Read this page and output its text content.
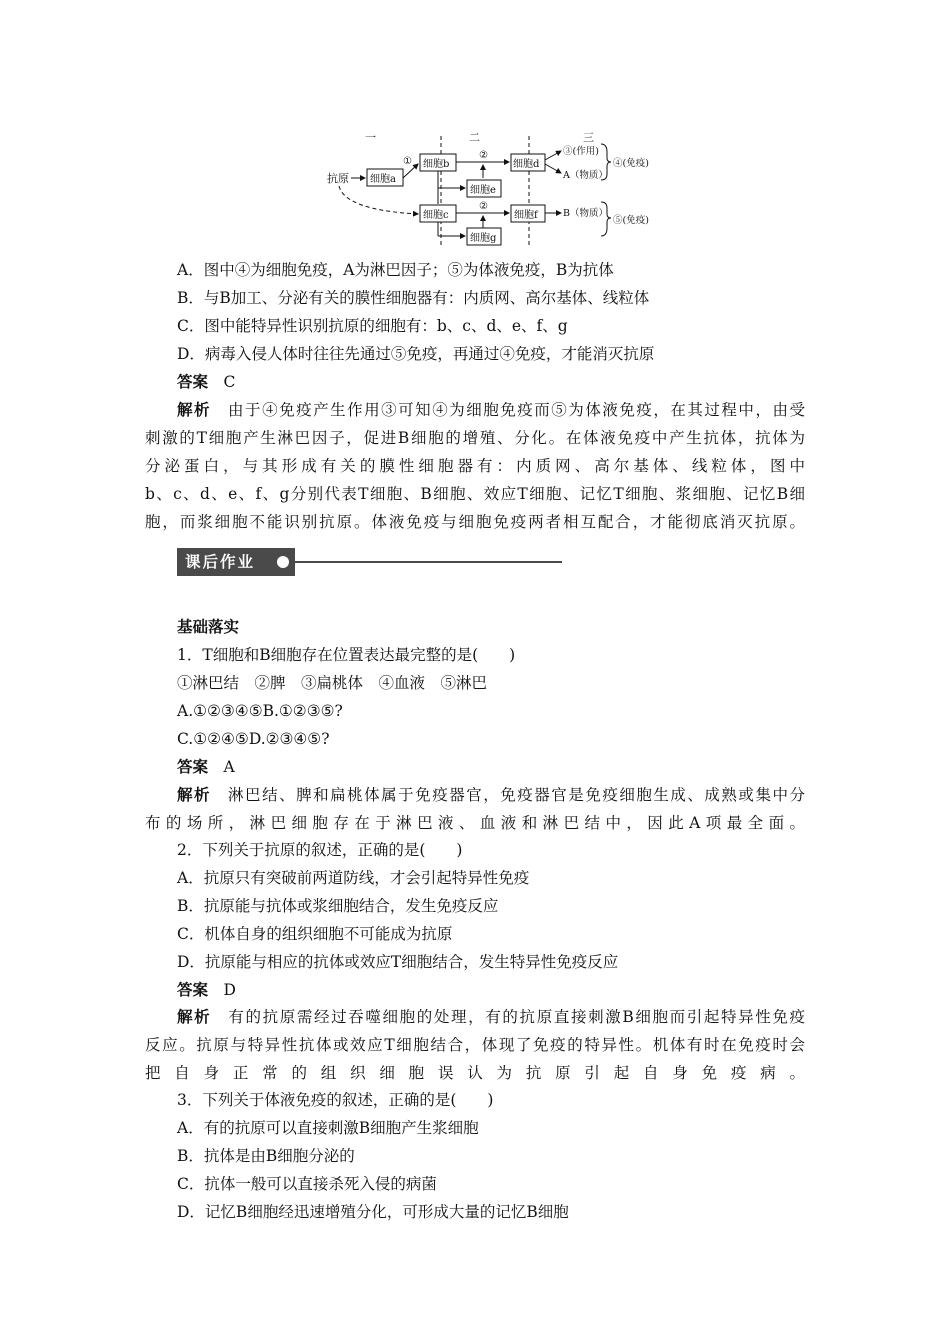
一	二	三
抗原 细胞a
① 细胞b
②
细胞e
细胞d
③(作用)
A（物质）
④(免疫)
细胞c
②
细胞g
细胞f	B（物质）
⑤(免疫)
A．图中④为细胞免疫，A为淋巴因子；⑤为体液免疫，B为抗体
B．与B加工、分泌有关的膜性细胞器有：内质网、高尔基体、线粒体
C．图中能特异性识别抗原的细胞有：b、c、d、e、f、g
D．病毒入侵人体时往往先通过⑤免疫，再通过④免疫，才能消灭抗原
答案　 C
解析　 由于④免疫产生作用③可知④为细胞免疫而⑤为体液免疫，在其过程中，由受
刺激的T细胞产生淋巴因子，促进B细胞的增殖、分化。在体液免疫中产生抗体，抗体为
分泌蛋白，与其形成有关的膜性细胞器有：内质网、高尔基体、线粒体，图中
b、c、d、e、f、g分别代表T细胞、B细胞、效应T细胞、记忆T细胞、浆细胞、记忆B细
胞，而浆细胞不能识别抗原。体液免疫与细胞免疫两者相互配合，才能彻底消灭抗原。
课后作业
基础落实
1．T细胞和B细胞存在位置表达最完整的是(　　)
①淋巴结　②脾　③扁桃体　④血液　⑤淋巴
A.①②③④⑤B.①②③⑤?
C.①②④⑤D.②③④⑤?
答案　 A
解析　 淋巴结、脾和扁桃体属于免疫器官，免疫器官是免疫细胞生成、成熟或集中分
布的场所，淋巴细胞存在于淋巴液、血液和淋巴结中，因此A项最全面。
2．下列关于抗原的叙述，正确的是(　　)
A．抗原只有突破前两道防线，才会引起特异性免疫
B．抗原能与抗体或浆细胞结合，发生免疫反应
C．机体自身的组织细胞不可能成为抗原
D．抗原能与相应的抗体或效应T细胞结合，发生特异性免疫反应
答案　 D
解析　 有的抗原需经过吞噬细胞的处理，有的抗原直接刺激B细胞而引起特异性免疫
反应。抗原与特异性抗体或效应T细胞结合，体现了免疫的特异性。机体有时在免疫时会
把自身正常的组织细胞误认为抗原引起自身免疫病。
3．下列关于体液免疫的叙述，正确的是(　　)
A．有的抗原可以直接刺激B细胞产生浆细胞
B．抗体是由B细胞分泌的
C．抗体一般可以直接杀死入侵的病菌
D．记忆B细胞经迅速增殖分化，可形成大量的记忆B细胞
